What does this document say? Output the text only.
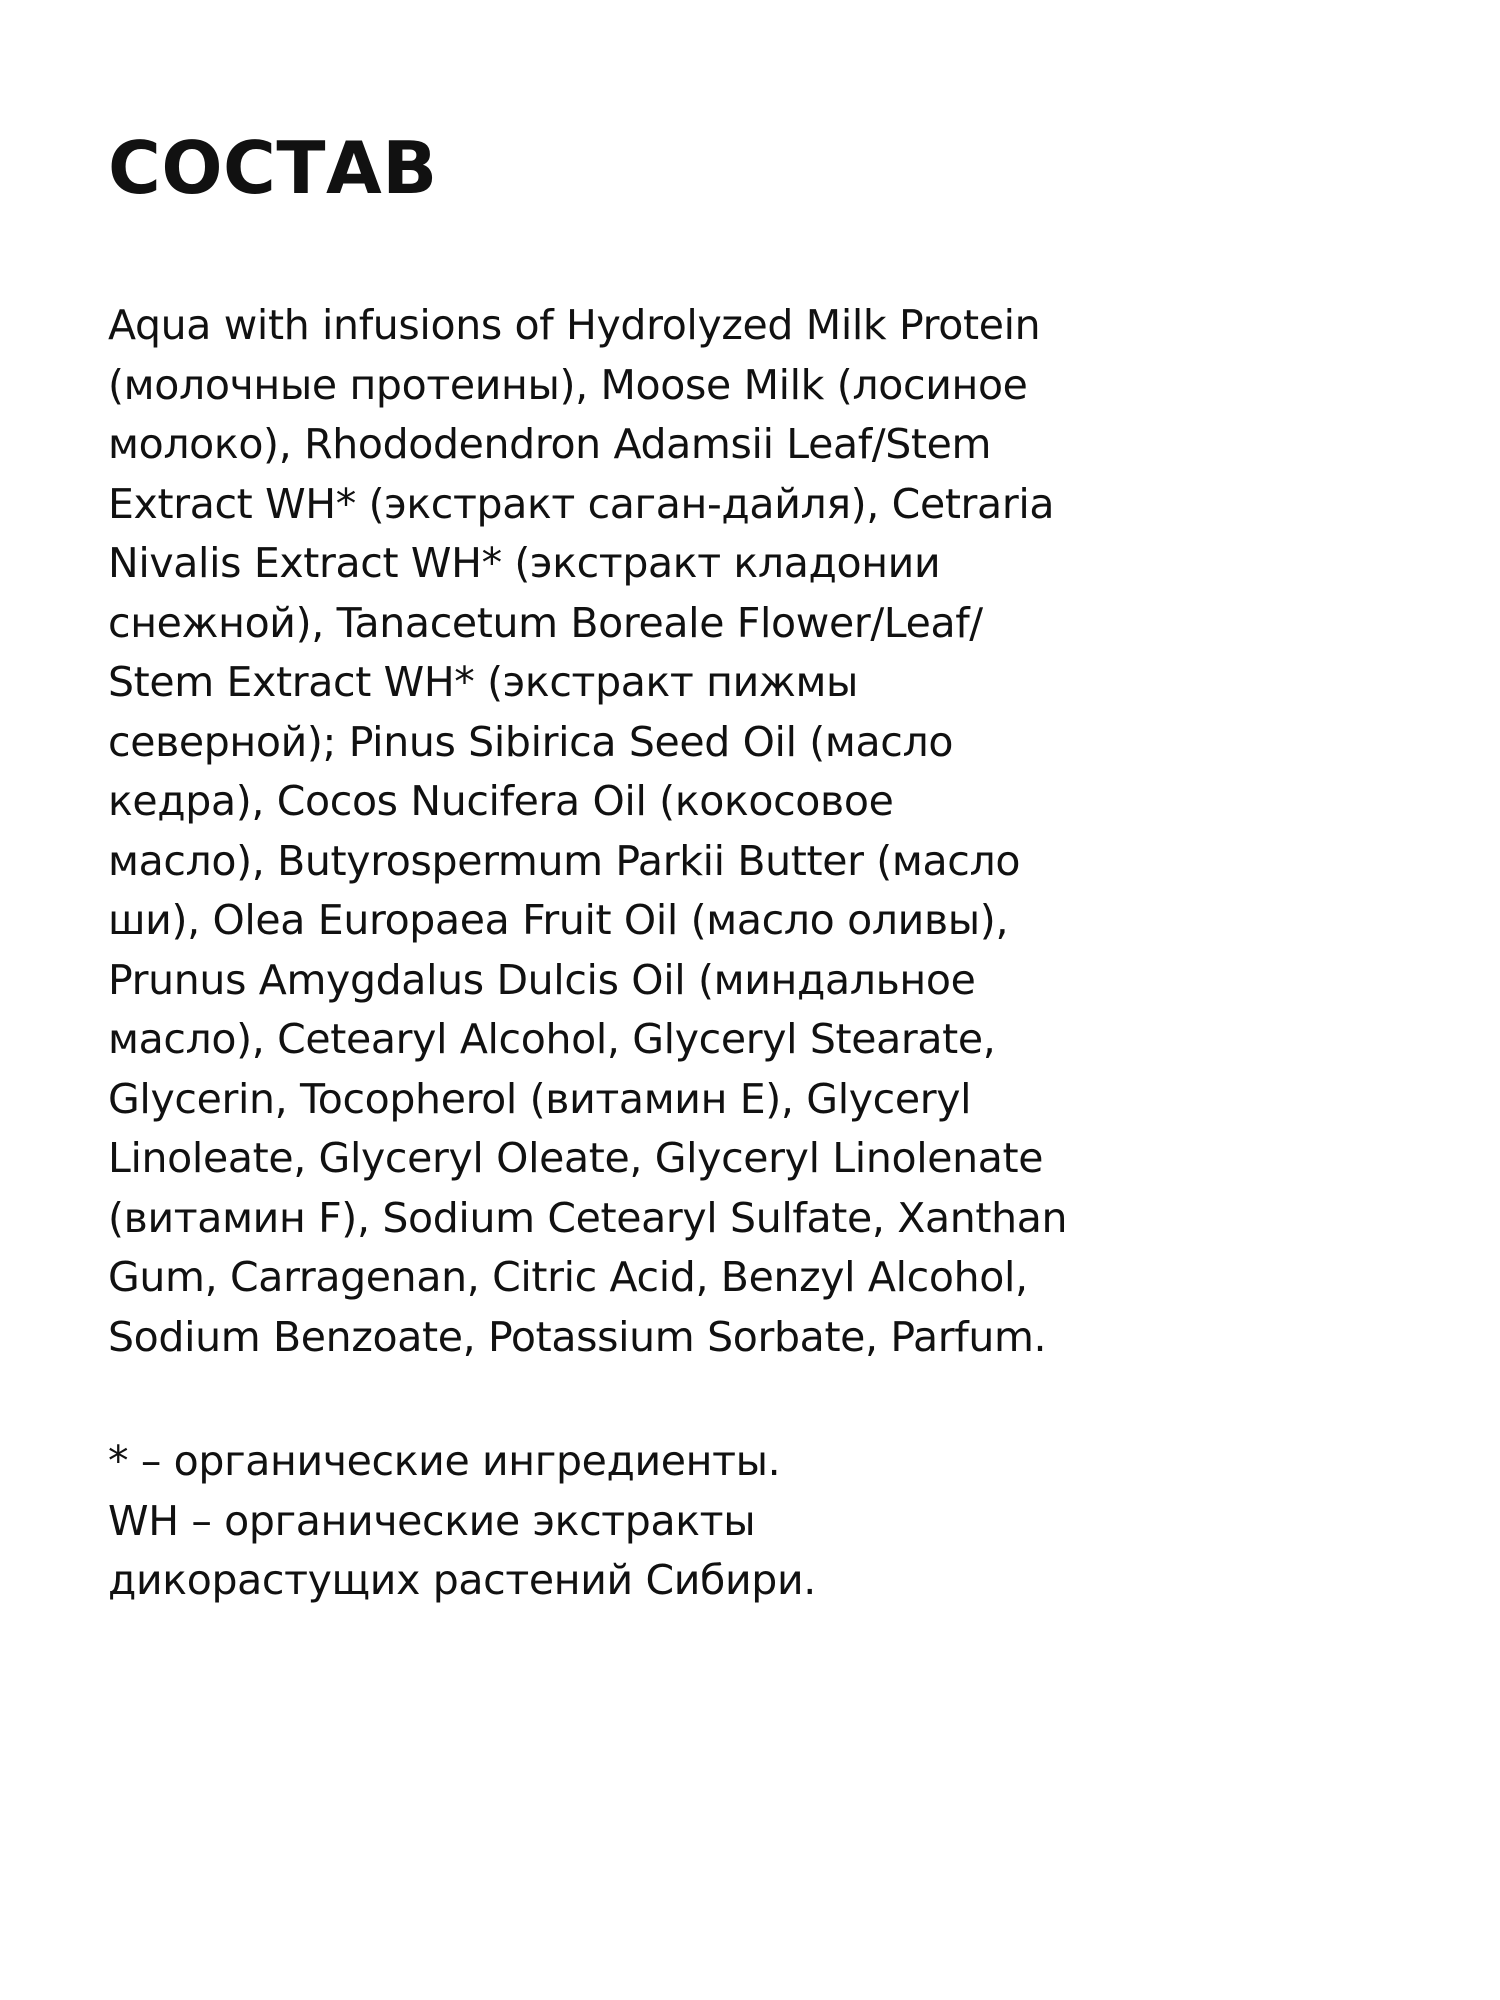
СОСТАВ
Aqua with infusions of Hydrolyzed Milk Protein
(молочные протеины), Moose Milk (лосиное
молоко), Rhododendron Adamsii Leaf/Stem
Extract WH* (экстракт саган-дайля), Cetraria
Nivalis Extract WH* (экстракт кладонии
снежной), Tanacetum Boreale Flower/Leaf/
Stem Extract WH* (экстракт пижмы
северной); Pinus Sibirica Seed Oil (масло
кедра), Cocos Nucifera Oil (кокосовое
масло), Butyrospermum Parkii Butter (масло
ши), Olea Europaea Fruit Oil (масло оливы),
Prunus Amygdalus Dulcis Oil (миндальное
масло), Cetearyl Alcohol, Glyceryl Stearate,
Glycerin, Tocopherol (витамин E), Glyceryl
Linoleate, Glyceryl Oleate, Glyceryl Linolenate
(витамин F), Sodium Cetearyl Sulfate, Xanthan
Gum, Carragenan, Citric Acid, Benzyl Alcohol,
Sodium Benzoate, Potassium Sorbate, Parfum.
* – органические ингредиенты.
WH – органические экстракты
дикорастущих растений Сибири.
